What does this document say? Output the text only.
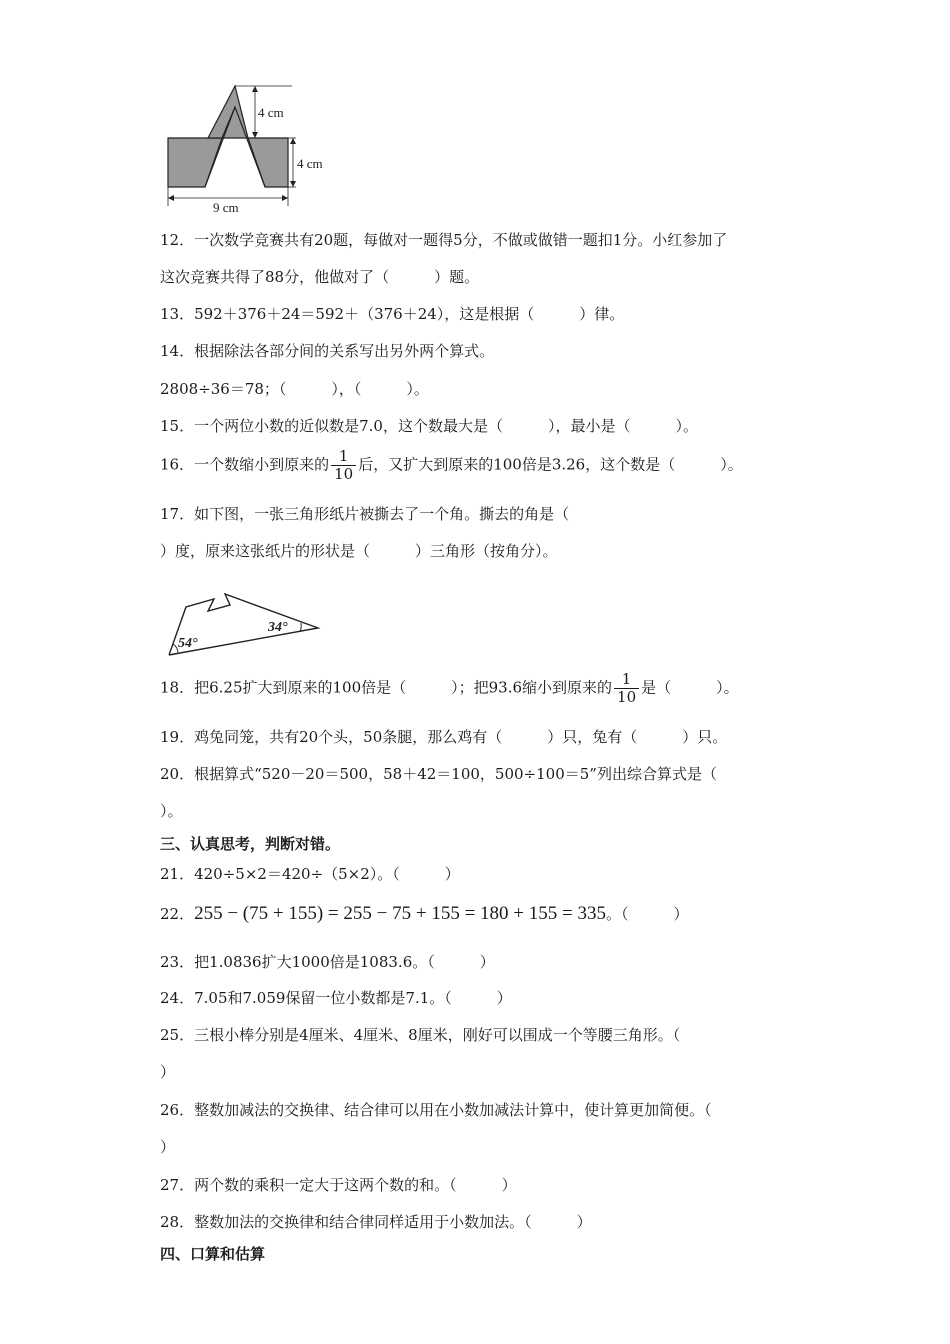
4 cm
4 cm
9 cm
12．一次数学竞赛共有20题，每做对一题得5分，不做或做错一题扣1分。小红参加了
这次竞赛共得了88分，他做对了（　　　）题。
13．592＋376＋24＝592＋（376＋24），这是根据（　　　）律。
14．根据除法各部分间的关系写出另外两个算式。
2808÷36＝78；（　　　），（　　　）。
15．一个两位小数的近似数是7.0，这个数最大是（　　　），最小是（　　　）。
16．一个数缩小到原来的 $\frac{1}{10}$ 后，又扩大到原来的100倍是3.26，这个数是（　　　）。
17．如下图，一张三角形纸片被撕去了一个角。撕去的角是（
）度，原来这张纸片的形状是（　　　）三角形（按角分）。
54°
34°
18．把6.25扩大到原来的100倍是（　　　）；把93.6缩小到原来的 $\frac{1}{10}$ 是（　　　）。
19．鸡兔同笼，共有20个头，50条腿，那么鸡有（　　　）只，兔有（　　　）只。
20．根据算式“520－20＝500，58＋42＝100，500÷100＝5”列出综合算式是（
）。
三、认真思考，判断对错。
21．420÷5×2＝420÷（5×2）。（　　　）
22．255 − (75 + 155) = 255 − 75 + 155 = 180 + 155 = 335。（　　　）
23．把1.0836扩大1000倍是1083.6。（　　　）
24．7.05和7.059保留一位小数都是7.1。（　　　）
25．三根小棒分别是4厘米、4厘米、8厘米，刚好可以围成一个等腰三角形。（
）
26．整数加减法的交换律、结合律可以用在小数加减法计算中，使计算更加简便。（
）
27．两个数的乘积一定大于这两个数的和。（　　　）
28．整数加法的交换律和结合律同样适用于小数加法。（　　　）
四、口算和估算
